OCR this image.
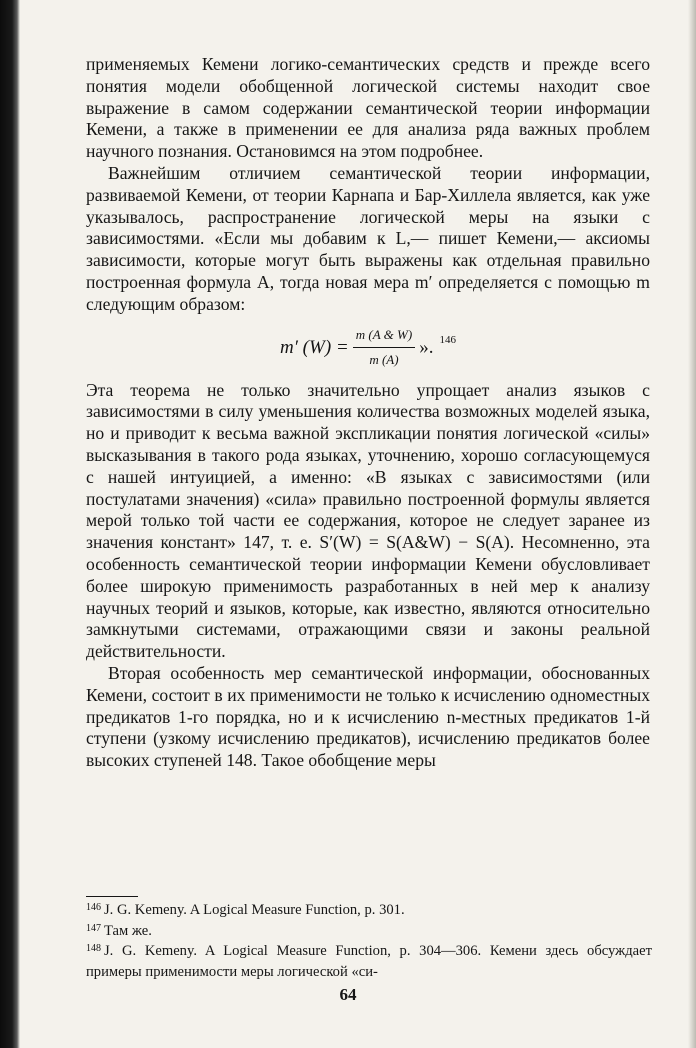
применяемых Кемени логико-семантических средств и прежде всего понятия модели обобщенной логической системы находит свое выражение в самом содержании семантической теории информации Кемени, а также в применении ее для анализа ряда важных проблем научного познания. Остановимся на этом подробнее.

Важнейшим отличием семантической теории информации, развиваемой Кемени, от теории Карнапа и Бар-Хиллела является, как уже указывалось, распространение логической меры на языки с зависимостями. «Если мы добавим к L,— пишет Кемени,— аксиомы зависимости, которые могут быть выражены как отдельная правильно построенная формула A, тогда новая мера m′ определяется с помощью m следующим образом:

m′ $(W) = \frac{m (A \& W)}{m (A)}$ ». 146

Эта теорема не только значительно упрощает анализ языков с зависимостями в силу уменьшения количества возможных моделей языка, но и приводит к весьма важной экспликации понятия логической «силы» высказывания в такого рода языках, уточнению, хорошо согласующемуся с нашей интуицией, а именно: «В языках с зависимостями (или постулатами значения) «сила» правильно построенной формулы является мерой только той части ее содержания, которое не следует заранее из значения констант» 147, т. е. S′(W) = S(A&W) − S(A). Несомненно, эта особенность семантической теории информации Кемени обусловливает более широкую применимость разработанных в ней мер к анализу научных теорий и языков, которые, как известно, являются относительно замкнутыми системами, отражающими связи и законы реальной действительности.

Вторая особенность мер семантической информации, обоснованных Кемени, состоит в их применимости не только к исчислению одноместных предикатов 1-го порядка, но и к исчислению n-местных предикатов 1-й ступени (узкому исчислению предикатов), исчислению предикатов более высоких ступеней 148. Такое обобщение меры

$^{146}$ J. G. Kemeny. A Logical Measure Function, p. 301.

$^{147}$ Там же.

$^{148}$ J. G. Kemeny. A Logical Measure Function, p. 304—306. Кемени здесь обсуждает примеры применимости меры логической «си-

64
